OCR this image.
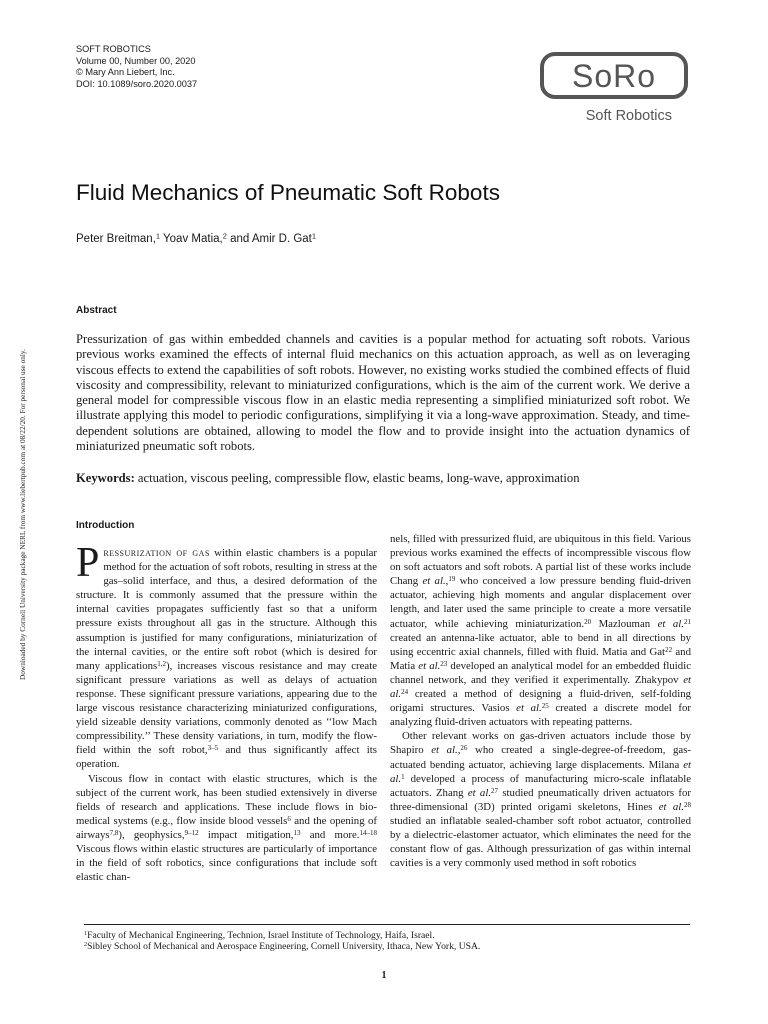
Downloaded by Cornell University package NERL from www.liebertpub.com at 08/22/20. For personal use only.
SOFT ROBOTICS
Volume 00, Number 00, 2020
© Mary Ann Liebert, Inc.
DOI: 10.1089/soro.2020.0037	SoRo
Soft Robotics
Fluid Mechanics of Pneumatic Soft Robots
Peter Breitman,$^1$ Yoav Matia,$^2$ and Amir D. Gat$^1$
Abstract
Pressurization of gas within embedded channels and cavities is a popular method for actuating soft robots. Various previous works examined the effects of internal fluid mechanics on this actuation approach, as well as on leveraging viscous effects to extend the capabilities of soft robots. However, no existing works studied the combined effects of fluid viscosity and compressibility, relevant to miniaturized configurations, which is the aim of the current work. We derive a general model for compressible viscous flow in an elastic media representing a simplified miniaturized soft robot. We illustrate applying this model to periodic configurations, simplifying it via a long-wave approximation. Steady, and time-dependent solutions are obtained, allowing to model the flow and to provide insight into the actuation dynamics of miniaturized pneumatic soft robots.
Keywords: actuation, viscous peeling, compressible flow, elastic beams, long-wave, approximation
Introduction

Pressurization of gas within elastic chambers is a popular method for the actuation of soft robots, resulting in stress at the gas–solid interface, and thus, a desired deformation of the structure. It is commonly assumed that the pressure within the internal cavities propagates sufficiently fast so that a uniform pressure exists throughout all gas in the structure. Although this assumption is justified for many configurations, miniaturization of the internal cavities, or the entire soft robot (which is desired for many applications$^{1,2}$), increases viscous resistance and may create significant pressure variations as well as delays of actuation response. These significant pressure variations, appearing due to the large viscous resistance characterizing miniaturized configurations, yield sizeable density variations, commonly denoted as ‘‘low Mach compressibility.’’ These density variations, in turn, modify the flow-field within the soft robot,$^{3-5}$ and thus significantly affect its operation.

Viscous flow in contact with elastic structures, which is the subject of the current work, has been studied extensively in diverse fields of research and applications. These include flows in bio-medical systems (e.g., flow inside blood vessels$^6$ and the opening of airways$^{7,8}$), geophysics,$^{9-12}$ impact mitigation,$^{13}$ and more.$^{14-18}$ Viscous flows within elastic structures are particularly of importance in the field of soft robotics, since configurations that include soft elastic chan-

nels, filled with pressurized fluid, are ubiquitous in this field. Various previous works examined the effects of incompressible viscous flow on soft actuators and soft robots. A partial list of these works include Chang et al.,$^{19}$ who conceived a low pressure bending fluid-driven actuator, achieving high moments and angular displacement over length, and later used the same principle to create a more versatile actuator, while achieving miniaturization.$^{20}$ Mazlouman et al.$^{21}$ created an antenna-like actuator, able to bend in all directions by using eccentric axial channels, filled with fluid. Matia and Gat$^{22}$ and Matia et al.$^{23}$ developed an analytical model for an embedded fluidic channel network, and they verified it experimentally. Zhakypov et al.$^{24}$ created a method of designing a fluid-driven, self-folding origami structures. Vasios et al.$^{25}$ created a discrete model for analyzing fluid-driven actuators with repeating patterns.

Other relevant works on gas-driven actuators include those by Shapiro et al.,$^{26}$ who created a single-degree-of-freedom, gas-actuated bending actuator, achieving large displacements. Milana et al.$^1$ developed a process of manufacturing micro-scale inflatable actuators. Zhang et al.$^{27}$ studied pneumatically driven actuators for three-dimensional (3D) printed origami skeletons, Hines et al.$^{28}$ studied an inflatable sealed-chamber soft robot actuator, controlled by a dielectric-elastomer actuator, which eliminates the need for the constant flow of gas. Although pressurization of gas within internal cavities is a very commonly used method in soft robotics

$^1$Faculty of Mechanical Engineering, Technion, Israel Institute of Technology, Haifa, Israel.
$^2$Sibley School of Mechanical and Aerospace Engineering, Cornell University, Ithaca, New York, USA.
1
